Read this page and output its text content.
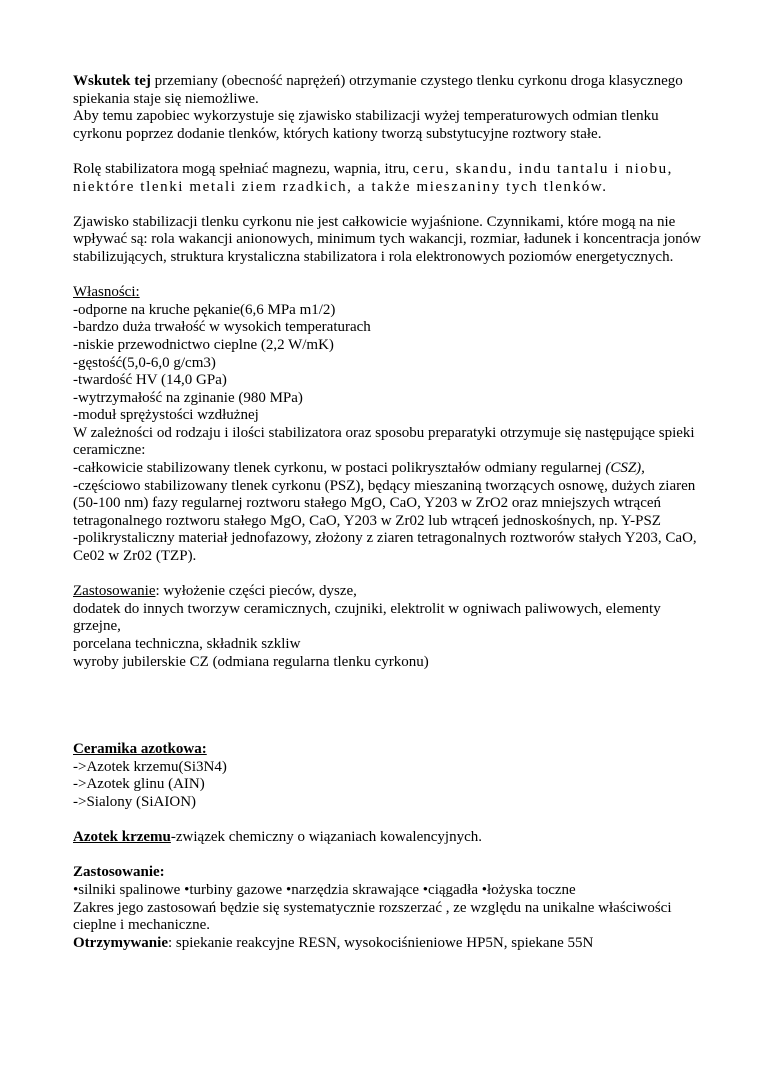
Wskutek tej przemiany (obecność naprężeń) otrzymanie czystego tlenku cyrkonu droga klasycznego spiekania staje się niemożliwe.

Aby temu zapobiec wykorzystuje się zjawisko stabilizacji wyżej temperaturowych odmian tlenku cyrkonu poprzez dodanie tlenków, których kationy tworzą substytucyjne roztwory stałe.

Rolę stabilizatora mogą spełniać magnezu, wapnia, itru, ceru, skandu, indu tantalu i niobu, niektóre tlenki metali ziem rzadkich, a także mieszaniny tych tlenków.

Zjawisko stabilizacji tlenku cyrkonu nie jest całkowicie wyjaśnione. Czynnikami, które mogą na nie wpływać są: rola wakancji anionowych, minimum tych wakancji, rozmiar, ładunek i koncentracja jonów stabilizujących, struktura krystaliczna stabilizatora i rola elektronowych poziomów energetycznych.

Własności:

-odporne na kruche pękanie(6,6 MPa m1/2)

-bardzo duża trwałość w wysokich temperaturach

-niskie przewodnictwo cieplne (2,2 W/mK)

-gęstość(5,0-6,0 g/cm3)

-twardość HV (14,0 GPa)

-wytrzymałość na zginanie (980 MPa)

-moduł sprężystości wzdłużnej

W zależności od rodzaju i ilości stabilizatora oraz sposobu preparatyki otrzymuje się następujące spieki ceramiczne:

-całkowicie stabilizowany tlenek cyrkonu, w postaci polikryształów odmiany regularnej (CSZ),

-częściowo stabilizowany tlenek cyrkonu (PSZ), będący mieszaniną tworzących osnowę, dużych ziaren (50-100 nm) fazy regularnej roztworu stałego MgO, CaO, Y203 w ZrO2 oraz mniejszych wtrąceń tetragonalnego roztworu stałego MgO, CaO, Y203 w Zr02 lub wtrąceń jednoskośnych, np. Y-PSZ

-polikrystaliczny materiał jednofazowy, złożony z ziaren tetragonalnych roztworów stałych Y203, CaO, Ce02 w Zr02 (TZP).

Zastosowanie: wyłożenie części pieców, dysze,

dodatek do innych tworzyw ceramicznych, czujniki, elektrolit w ogniwach paliwowych, elementy grzejne,

porcelana techniczna, składnik szkliw

wyroby jubilerskie CZ (odmiana regularna tlenku cyrkonu)

Ceramika azotkowa:

->Azotek krzemu(Si3N4)

->Azotek glinu (AIN)

->Sialony (SiAION)

Azotek krzemu-związek chemiczny o wiązaniach kowalencyjnych.

Zastosowanie:

•silniki spalinowe •turbiny gazowe •narzędzia skrawające •ciągadła •łożyska toczne

Zakres jego zastosowań będzie się systematycznie rozszerzać , ze względu na unikalne właściwości cieplne i mechaniczne.

Otrzymywanie: spiekanie reakcyjne RESN, wysokociśnieniowe HP5N, spiekane 55N
